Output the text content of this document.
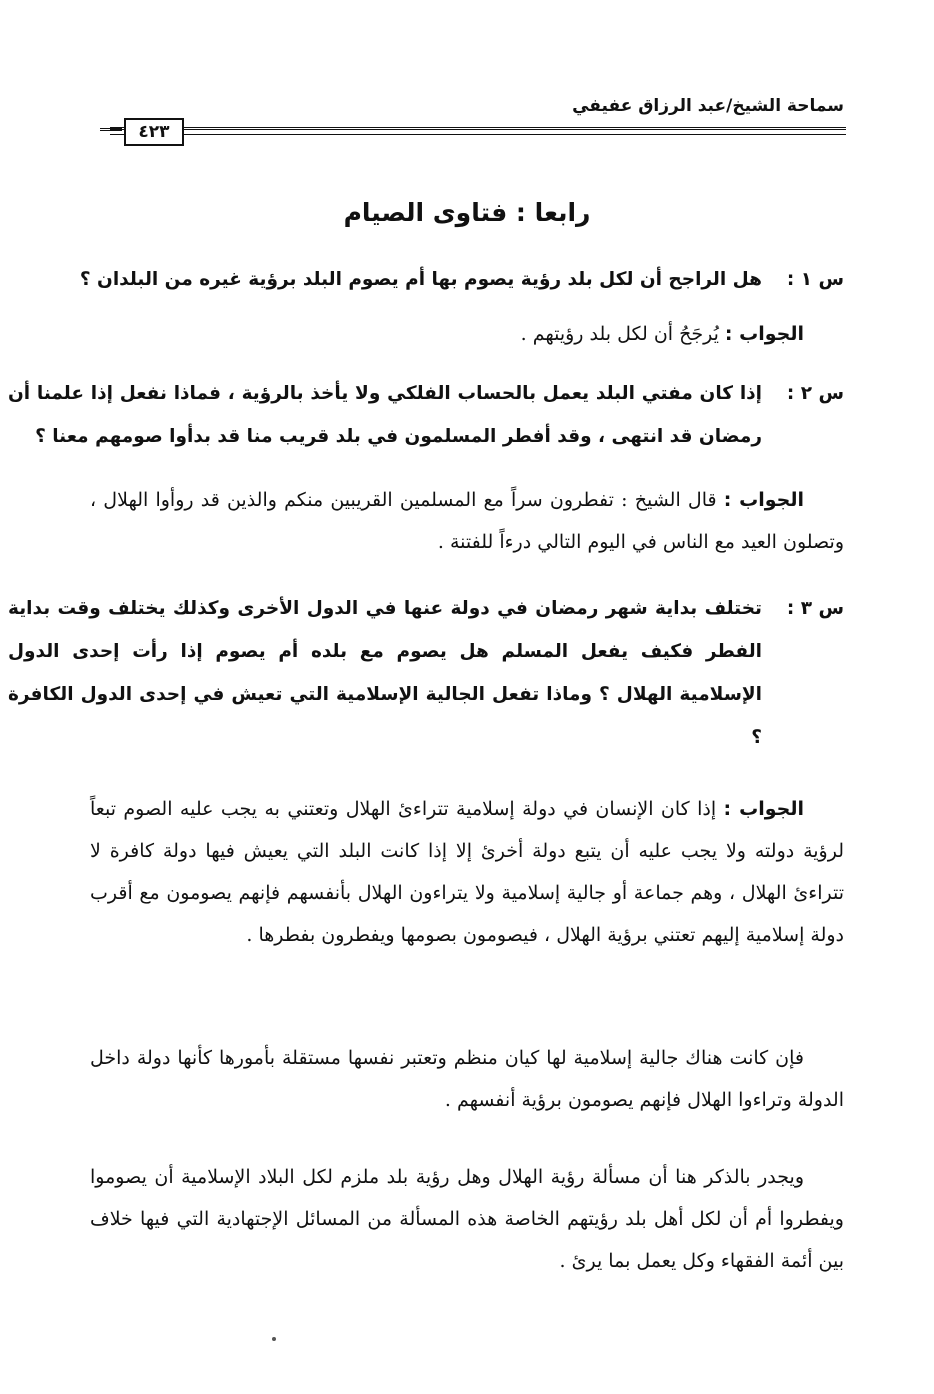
سماحة الشيخ/عبد الرزاق عفيفي
٤٢٣
رابعا : فتاوى الصيام
س ١ :هل الراجح أن لكل بلد رؤية يصوم بها أم يصوم البلد برؤية غيره من البلدان ؟
الجواب : يُرجَحُ أن لكل بلد رؤيتهم .
س ٢ :إذا كان مفتي البلد يعمل بالحساب الفلكي ولا يأخذ بالرؤية ، فماذا نفعل إذا علمنا أن رمضان قد انتهى ، وقد أفطر المسلمون في بلد قريب منا قد بدأوا صومهم معنا ؟
الجواب : قال الشيخ : تفطرون سراً مع المسلمين القريبين منكم والذين قد روأوا الهلال ، وتصلون العيد مع الناس في اليوم التالي درءاً للفتنة .
س ٣ :تختلف بداية شهر رمضان في دولة عنها في الدول الأخرى وكذلك يختلف وقت بداية الفطر فكيف يفعل المسلم هل يصوم مع بلده أم يصوم إذا رأت إحدى الدول الإسلامية الهلال ؟ وماذا تفعل الجالية الإسلامية التي تعيش في إحدى الدول الكافرة ؟
الجواب : إذا كان الإنسان في دولة إسلامية تتراءئ الهلال وتعتني به يجب عليه الصوم تبعاً لرؤية دولته ولا يجب عليه أن يتبع دولة أخرئ إلا إذا كانت البلد التي يعيش فيها دولة كافرة لا تتراءئ الهلال ، وهم جماعة أو جالية إسلامية ولا يتراءون الهلال بأنفسهم فإنهم يصومون مع أقرب دولة إسلامية إليهم تعتني برؤية الهلال ، فيصومون بصومها ويفطرون بفطرها .
فإن كانت هناك جالية إسلامية لها كيان منظم وتعتبر نفسها مستقلة بأمورها كأنها دولة داخل الدولة وتراءوا الهلال فإنهم يصومون برؤية أنفسهم .
ويجدر بالذكر هنا أن مسألة رؤية الهلال وهل رؤية بلد ملزم لكل البلاد الإسلامية أن يصوموا ويفطروا أم أن لكل أهل بلد رؤيتهم الخاصة هذه المسألة من المسائل الإجتهادية التي فيها خلاف بين أئمة الفقهاء وكل يعمل بما يرئ .
